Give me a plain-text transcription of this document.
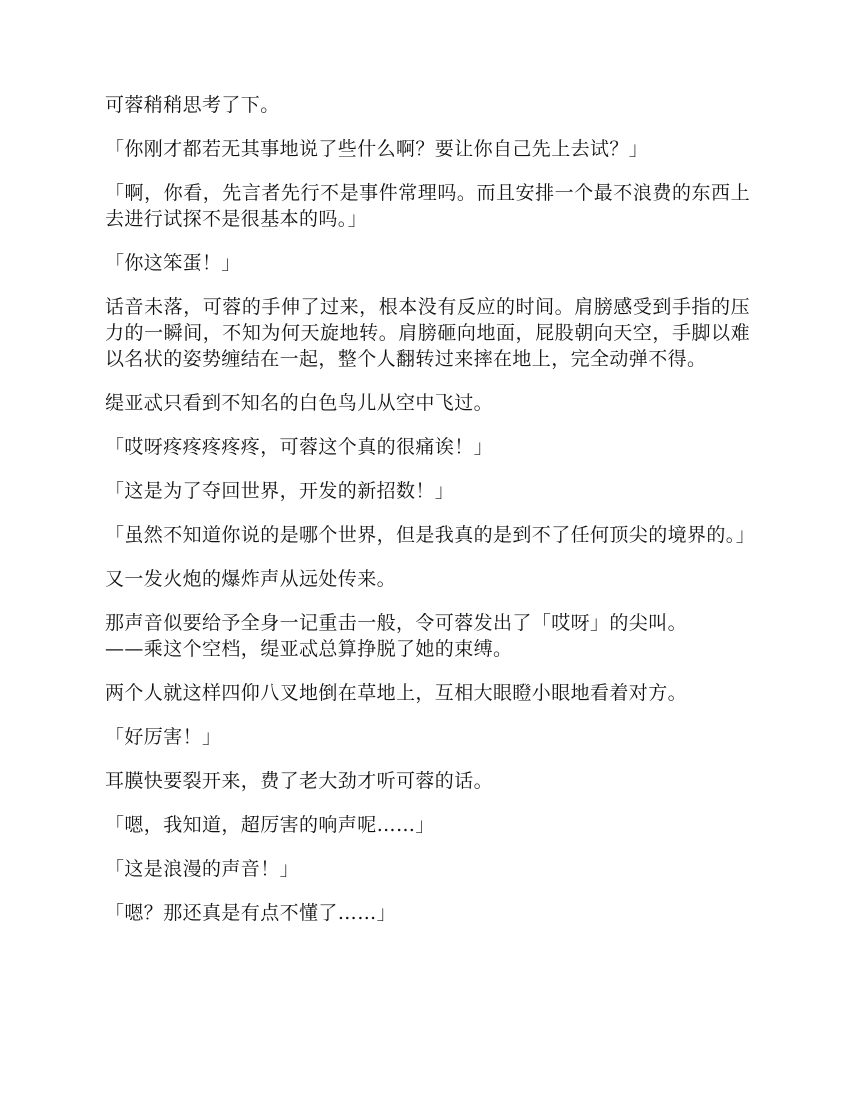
可蓉稍稍思考了下。

「你刚才都若无其事地说了些什么啊？要让你自己先上去试？」

「啊，你看，先言者先行不是事件常理吗。而且安排一个最不浪费的东西上去进行试探不是很基本的吗。」

「你这笨蛋！」

话音未落，可蓉的手伸了过来，根本没有反应的时间。肩膀感受到手指的压力的一瞬间，不知为何天旋地转。肩膀砸向地面，屁股朝向天空，手脚以难以名状的姿势缠结在一起，整个人翻转过来摔在地上，完全动弹不得。

缇亚忒只看到不知名的白色鸟儿从空中飞过。

「哎呀疼疼疼疼疼，可蓉这个真的很痛诶！」

「这是为了夺回世界，开发的新招数！」

「虽然不知道你说的是哪个世界，但是我真的是到不了任何顶尖的境界的。」

又一发火炮的爆炸声从远处传来。

那声音似要给予全身一记重击一般，令可蓉发出了「哎呀」的尖叫。
——乘这个空档，缇亚忒总算挣脱了她的束缚。

两个人就这样四仰八叉地倒在草地上，互相大眼瞪小眼地看着对方。

「好厉害！」

耳膜快要裂开来，费了老大劲才听可蓉的话。

「嗯，我知道，超厉害的响声呢……」

「这是浪漫的声音！」

「嗯？那还真是有点不懂了……」
